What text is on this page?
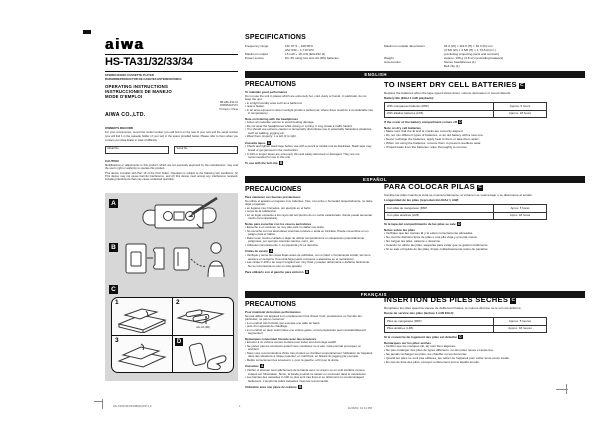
aiwa
HS-TA31/32/33/34
STEREO RADIO CASSETTE PLAYER
RADIORREPRODUCTOR DE CASETES ESTEREOFÓNICO
OPERATING INSTRUCTIONS
INSTRUCCIONES DE MANEJO
MODE D'EMPLOI
8B-HBL-910-01
000825AKP-PX
Printed in China
AIWA CO.,LTD.
OWNER'S RECORD
For your convenience, record the model number (you will find it on the rear of your set) and the serial number (you will find it in the cassette holder of your set) in the space provided below. Please refer to them when you contact your Aiwa dealer in case of difficulty.
Model No.	Serial No.
CAUTION
Modifications or adjustments to this product, which are not expressly approved by the manufacturer, may void the user's right or authority to operate this product.
This device complies with Part 15 of the FCC Rules. Operation is subject to the following two conditions: (1) This device may not cause harmful interference, and (2) this device must accept any interference received, including interference that may cause undesired operation.
A
B
C
1	2
3	D
size AA (R6)
SPECIFICATIONS
Frequency range	FM: 87.5 – 108 MHz
AM: 530 – 1,710 kHz
Maximum output	15 mW + 15 mW (EIAJ/32 Ω)
Power source	DC 3V using two size AA (R6) batteries
Maximum outside dimensions	91.2 (W) × 116.5 (H) × 36.3 (D) mm
(3 5/8 (W) × 4 5/8 (H) × 1 7/16 (D) in.)
(excluding projecting parts and controls)
Weight	Approx. 106 g (3.8 oz) (excluding batteries)
Accessories	Stereo headphones (1)
Belt clip (1)
ENGLISH
PRECAUTIONS
To maintain good performance
Do not use the unit in places which are extremely hot, cold, dusty or humid. In particular, do not keep the unit:
• in a high humidity area such as a bathroom
• near a heater
• in an area exposed to direct sunlight (inside a parked car, where there could be a considerable rise in temperature)
Note on listening with the headphones
• Listen at moderate volume to avoid hearing damage.
• Do not wear the headphones while driving or cycling. It may create a traffic hazard.
• You should use extreme caution or temporarily discontinue use in potentially hazardous situations, such as walking, jogging etc.
• Wear them properly: L is left, R is right.
Cassette tapes A
• Check and tighten slack tape before use with a pencil or similar tool as illustrated. Slack tape may break or get jammed in the mechanism.
• C-100 or longer tapes are extremely thin and easily deformed or damaged. They are not recommended for use in this unit.
To use with the belt clip B
TO INSERT DRY CELL BATTERIES C
Replace the batteries when the tape speed slows down, volume decreases or sound distorts.
Battery life (EIAJ 1 mW playback):
With manganese batteries (R6P)	Approx. 5 hours
With alkaline batteries (LR6)	Approx. 18 hours
If the cover of the battery compartment comes off D
Note on dry cell batteries
• Make sure that the ⊕ and ⊖ marks are correctly aligned.
• Do not mix different types of batteries, or an old battery with a new one.
• Never recharge the batteries, apply heat to them or take them apart.
• When not using the batteries, remove them to prevent needless wear.
• If liquid leaks from the batteries, wipe thoroughly to remove.
ESPAÑOL
PRECAUCIONES
Para mantener sus buenas prestaciones
No utilice el aparato en lugares muy calientes, fríos, con polvo o humedad. Especialmente, no debe dejar el aparato:
• en lugares muy húmedos, por ejemplo en el baño
• cerca de la calefacción
• en un lugar expuesto a los rayos del sol (dentro de un coche estacionado, donde puede aumentar mucho la temperatura)
Notas para escuchar con los cascos auriculares
• Escuche a un volumen no muy alto para no dañar sus oídos.
• No escuche con los auriculares mientras conduce o anda en bicicleta. Puede convertirse en un peligro para el tráfico.
• Debe tener mucho cuidado o dejar de utilizar temporalmente en situaciones potencialmente peligrosas, por ejemplo mientras camina, corre, etc.
• Utilícelos correctamente: L es izquierda y R es derecha.
Cintas de casete A
• Verifique y tense las cintas flojas antes de utilizarlas, con un lápiz o herramienta similar, tal como aparece en la figura. Una cinta floja puede romperse o atascarse en el mecanismo.
• Las cintas C-100 o de mayor longitud son muy finas y pueden deformarse o dañarse fácilmente. No se recomienda su uso en este aparato.
Para utilizarlo con el gancho para cinturón B
PARA COLOCAR PILAS C
Cambie las pilas cuando la cinta se mueva lentamente, el volumen se vuelva bajo o se distorsione el sonido.
Longevidad de las pilas (reproducción EIAJ 1 mW)
Con pilas de manganeso (R6P)	Aprox. 5 horas
Con pilas alcalinas (LR6)	Aprox. 18 horas
Si la tapa del compartimiento de las pilas se sale D
Notas sobre las pilas
• Verifique que las marcas ⊕ y ⊖ estén correctamente alineadas.
• No mezcle distintos tipos de pilas o una pila vieja y una pila nueva.
• No cargue las pilas, caliente o desarme.
• Cuando no utilice las pilas, sáquelas para evitar que se gasten inútilmente.
• Si se sale el líquido de las pilas, limpie cuidadosamente antes de sacarlas.
FRANÇAIS
PRECAUTIONS
Pour maintenir de bonnes performances
Ne pas utiliser cet appareil à un emplacement très chaud, froid, poussiéreux ou humide. En particulier, ne pas le conserver:
• à un endroit très humide, par exemple une salle de bains
• près d'un appareil de chauffage
• à un endroit en plein soleil (dans une voiture garée, où la température peut considérablement augmenter)
Remarques concernant l'écoute avec des écouteurs
• Écouter à un volume sonore modéré pour éviter tout dommage auditif.
• Ne portez pas les écouteurs quand vous conduisez ou à vélo. Cela pourrait provoquer un accident.
• Nous vous recommandons d'être très prudent ou d'arrêter temporairement l'utilisation de l'appareil dans des situations à risque potentiel, en marchant, en faisant du jogging par exemple.
• Mettre correctement les écouteurs: L pour la gauche, et R pour la droite.
Cassettes A
• Vérifier et éliminer tout relâchement de la bande avec un crayon ou un outil similaire comme indiqué sur l'illustration. Sinon, la bande pourrait se casser ou s'enrouler dans le mécanisme.
• Les bandes des cassettes C-100 ou plus sont très fines et se déforment ou s'endommagent facilement. L'emploi de telles cassettes n'est pas recommandé.
Utilisation avec une pince de ceinture B
INSERTION DES PILES SECHES C
Remplacer les piles quand la vitesse de défilement baisse, le volume diminue ou le son est déformé.
Durée de service des piles (lecture 1 mW EIAJ):
Piles au manganèse (R6P)	Approx. 5 heures
Piles alcalines (LR6)	Approx. 18 heures
Si le couvercle du logement des piles est détaché D
Remarques sur les piles sèches
• Vérifier que les marques (⊕, ⊖) sont bien alignées.
• Ne pas mélanger des piles de types différents, ou des piles neuve et ancienne.
• Ne jamais recharger les piles, les chauffer ou les démonter.
• Quand les piles ne sont pas utilisées, les retirer de l'appareil pour éviter toute usure inutile.
• En cas de fuite des piles, essuyez entièrement tout le liquide écoulé.
HS-TA31/32/33/34B(1)AKP 2,3	1	11/26/02, 10:14 PM
